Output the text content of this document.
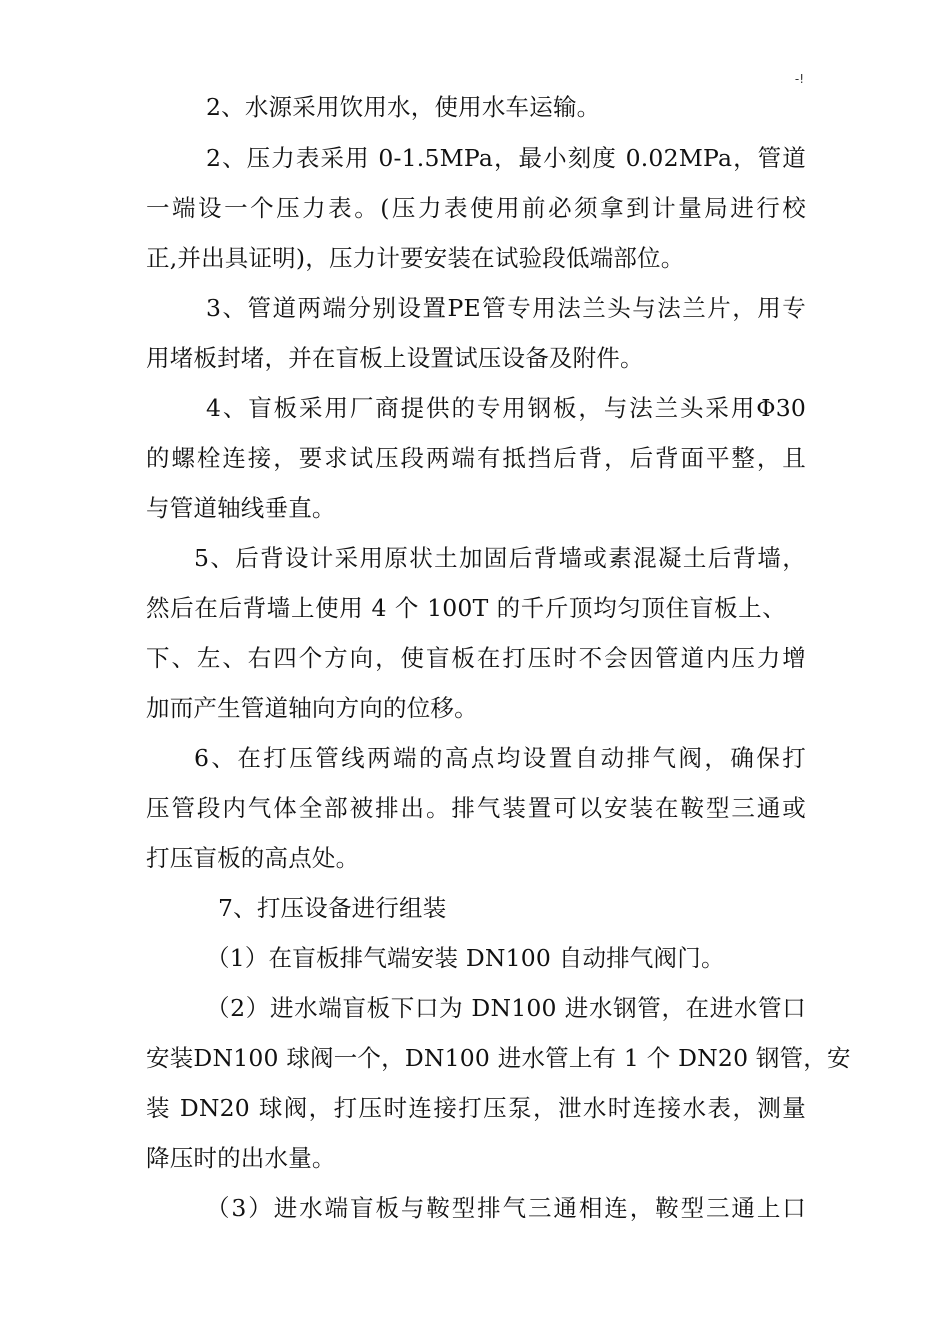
-!
2、水源采用饮用水，使用水车运输。
2、压力表采用 0-1.5MPa，最小刻度 0.02MPa，管道
一端设一个压力表。(压力表使用前必须拿到计量局进行校
正,并出具证明)，压力计要安装在试验段低端部位。
3、管道两端分别设置PE管专用法兰头与法兰片，用专
用堵板封堵，并在盲板上设置试压设备及附件。
4、盲板采用厂商提供的专用钢板，与法兰头采用Φ30
的螺栓连接，要求试压段两端有抵挡后背，后背面平整，且
与管道轴线垂直。
5、后背设计采用原状土加固后背墙或素混凝土后背墙，
然后在后背墙上使用 4 个 100T 的千斤顶均匀顶住盲板上、
下、左、右四个方向，使盲板在打压时不会因管道内压力增
加而产生管道轴向方向的位移。
6、在打压管线两端的高点均设置自动排气阀，确保打
压管段内气体全部被排出。排气装置可以安装在鞍型三通或
打压盲板的高点处。
7、打压设备进行组装
（1）在盲板排气端安装 DN100 自动排气阀门。
（2）进水端盲板下口为 DN100 进水钢管，在进水管口
安装DN100 球阀一个，DN100 进水管上有 1 个 DN20 钢管，安
装 DN20 球阀，打压时连接打压泵，泄水时连接水表，测量
降压时的出水量。
（3）进水端盲板与鞍型排气三通相连，鞍型三通上口
